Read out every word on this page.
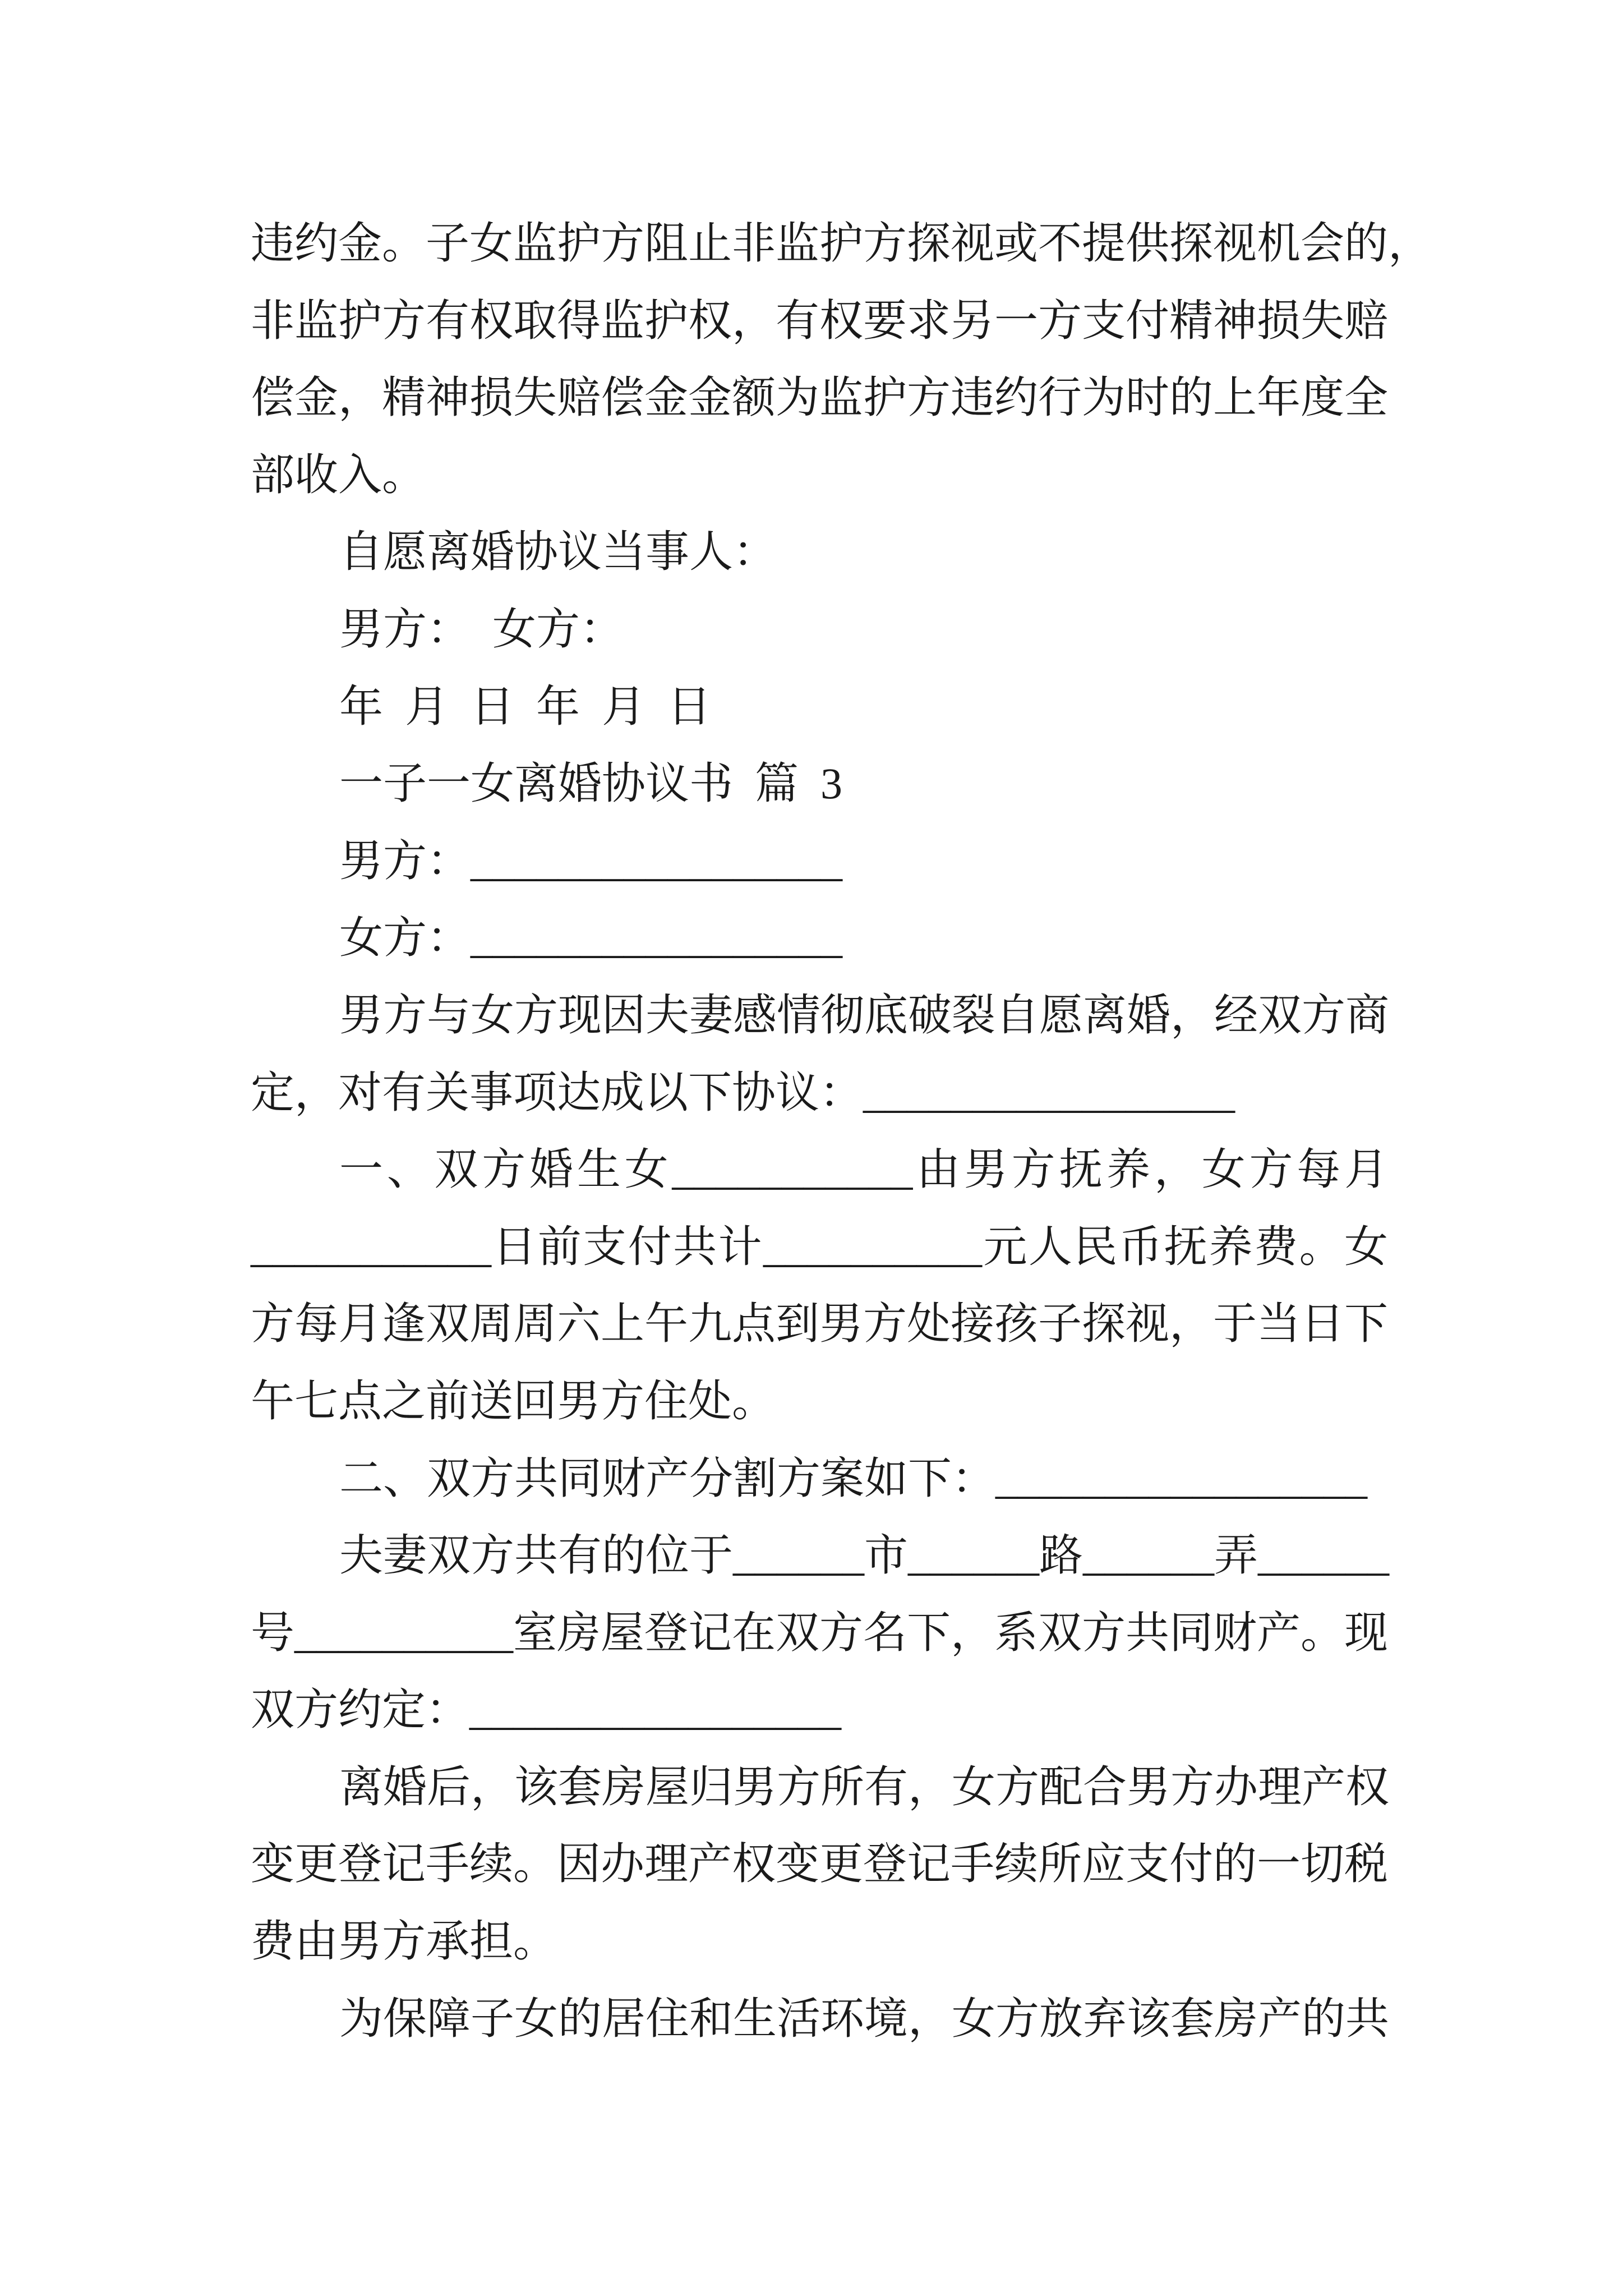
违约金。子女监护方阻止非监护方探视或不提供探视机会的，
非监护方有权取得监护权，有权要求另一方支付精神损失赔
偿金，精神损失赔偿金金额为监护方违约行为时的上年度全
部收入。
自愿离婚协议当事人：
男方： 女方：
年 月 日 年 月 日
一子一女离婚协议书 篇 3
男方：_________________
女方：_________________
男方与女方现因夫妻感情彻底破裂自愿离婚，经双方商
定，对有关事项达成以下协议：_________________
一、双方婚生女___________由男方抚养，女方每月
___________日前支付共计__________元人民币抚养费。女
方每月逢双周周六上午九点到男方处接孩子探视，于当日下
午七点之前送回男方住处。
二、双方共同财产分割方案如下：_________________
夫妻双方共有的位于______市______路______弄______
号__________室房屋登记在双方名下，系双方共同财产。现
双方约定：_________________
离婚后，该套房屋归男方所有，女方配合男方办理产权
变更登记手续。因办理产权变更登记手续所应支付的一切税
费由男方承担。
为保障子女的居住和生活环境，女方放弃该套房产的共
